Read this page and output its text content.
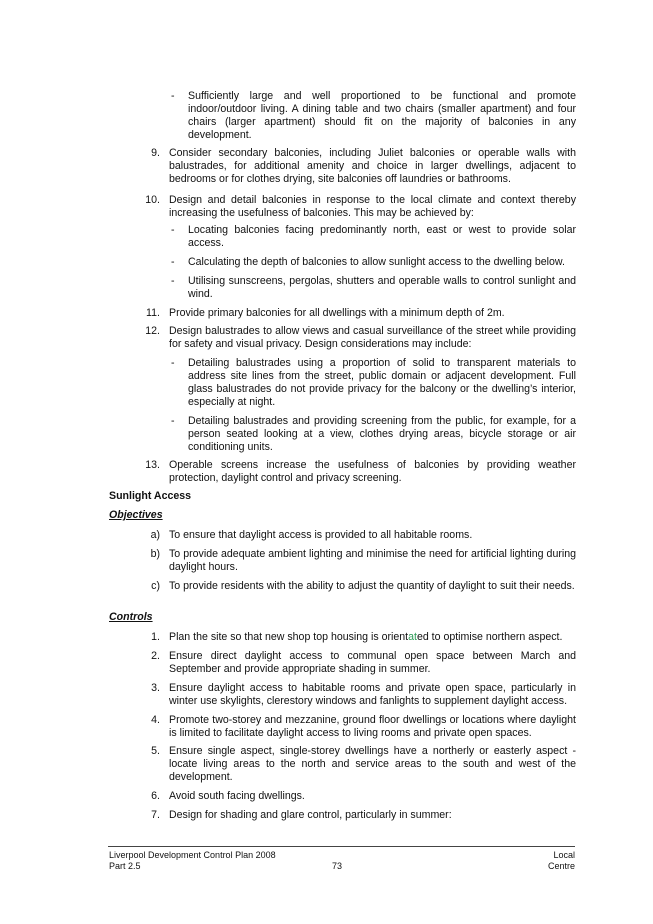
- Sufficiently large and well proportioned to be functional and promote indoor/outdoor living. A dining table and two chairs (smaller apartment) and four chairs (larger apartment) should fit on the majority of balconies in any development.
9. Consider secondary balconies, including Juliet balconies or operable walls with balustrades, for additional amenity and choice in larger dwellings, adjacent to bedrooms or for clothes drying, site balconies off laundries or bathrooms.
10. Design and detail balconies in response to the local climate and context thereby increasing the usefulness of balconies. This may be achieved by:
- Locating balconies facing predominantly north, east or west to provide solar access.
- Calculating the depth of balconies to allow sunlight access to the dwelling below.
- Utilising sunscreens, pergolas, shutters and operable walls to control sunlight and wind.
11. Provide primary balconies for all dwellings with a minimum depth of 2m.
12. Design balustrades to allow views and casual surveillance of the street while providing for safety and visual privacy. Design considerations may include:
- Detailing balustrades using a proportion of solid to transparent materials to address site lines from the street, public domain or adjacent development. Full glass balustrades do not provide privacy for the balcony or the dwelling’s interior, especially at night.
- Detailing balustrades and providing screening from the public, for example, for a person seated looking at a view, clothes drying areas, bicycle storage or air conditioning units.
13. Operable screens increase the usefulness of balconies by providing weather protection, daylight control and privacy screening.
Sunlight Access
Objectives
a) To ensure that daylight access is provided to all habitable rooms.
b) To provide adequate ambient lighting and minimise the need for artificial lighting during daylight hours.
c) To provide residents with the ability to adjust the quantity of daylight to suit their needs.
Controls
1. Plan the site so that new shop top housing is orientated to optimise northern aspect.
2. Ensure direct daylight access to communal open space between March and September and provide appropriate shading in summer.
3. Ensure daylight access to habitable rooms and private open space, particularly in winter use skylights, clerestory windows and fanlights to supplement daylight access.
4. Promote two-storey and mezzanine, ground floor dwellings or locations where daylight is limited to facilitate daylight access to living rooms and private open spaces.
5. Ensure single aspect, single-storey dwellings have a northerly or easterly aspect - locate living areas to the north and service areas to the south and west of the development.
6. Avoid south facing dwellings.
7. Design for shading and glare control, particularly in summer:
Liverpool Development Control Plan 2008
Part 2.5	73
Local Centre
